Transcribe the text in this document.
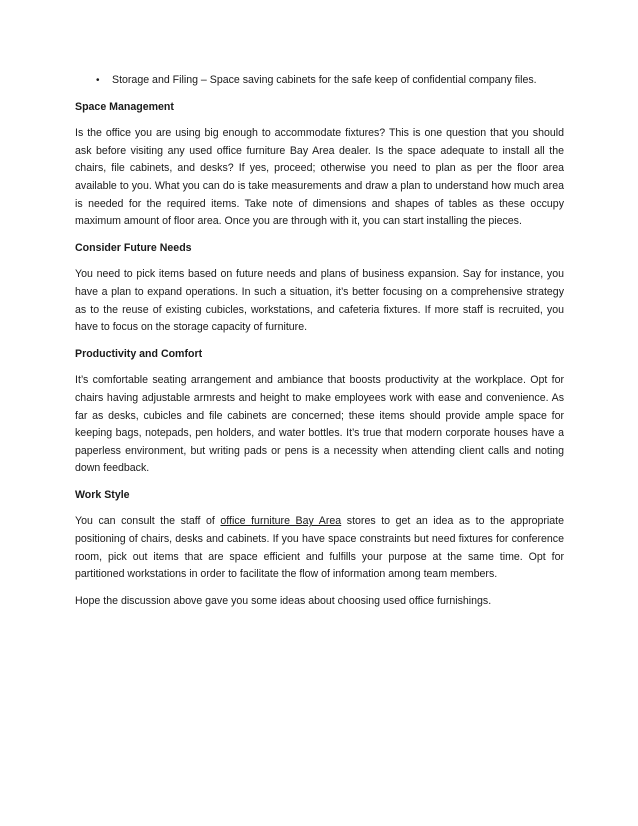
•	Storage and Filing – Space saving cabinets for the safe keep of confidential company files.
Space Management

Is the office you are using big enough to accommodate fixtures? This is one question that you should ask before visiting any used office furniture Bay Area dealer. Is the space adequate to install all the chairs, file cabinets, and desks? If yes, proceed; otherwise you need to plan as per the floor area available to you. What you can do is take measurements and draw a plan to understand how much area is needed for the required items. Take note of dimensions and shapes of tables as these occupy maximum amount of floor area. Once you are through with it, you can start installing the pieces.

Consider Future Needs

You need to pick items based on future needs and plans of business expansion. Say for instance, you have a plan to expand operations. In such a situation, it’s better focusing on a comprehensive strategy as to the reuse of existing cubicles, workstations, and cafeteria fixtures. If more staff is recruited, you have to focus on the storage capacity of furniture.

Productivity and Comfort

It’s comfortable seating arrangement and ambiance that boosts productivity at the workplace. Opt for chairs having adjustable armrests and height to make employees work with ease and convenience. As far as desks, cubicles and file cabinets are concerned; these items should provide ample space for keeping bags, notepads, pen holders, and water bottles. It’s true that modern corporate houses have a paperless environment, but writing pads or pens is a necessity when attending client calls and noting down feedback.

Work Style

You can consult the staff of office furniture Bay Area stores to get an idea as to the appropriate positioning of chairs, desks and cabinets. If you have space constraints but need fixtures for conference room, pick out items that are space efficient and fulfills your purpose at the same time. Opt for partitioned workstations in order to facilitate the flow of information among team members.

Hope the discussion above gave you some ideas about choosing used office furnishings.
